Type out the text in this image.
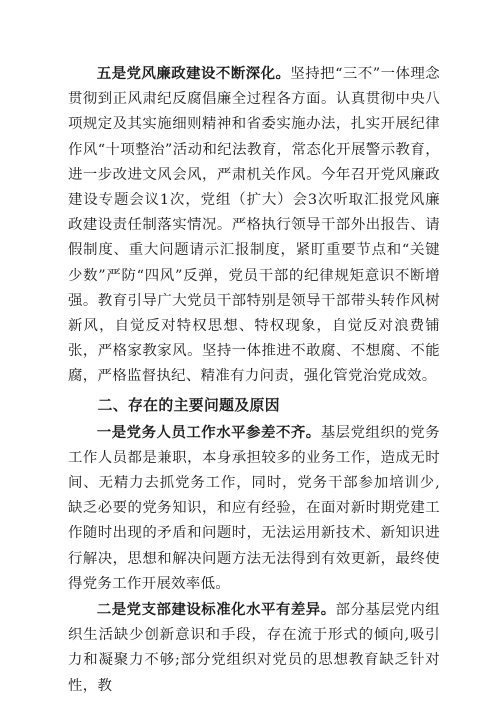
五是党风廉政建设不断深化。坚持把“三不”一体理念贯彻到正风肃纪反腐倡廉全过程各方面。认真贯彻中央八项规定及其实施细则精神和省委实施办法，扎实开展纪律作风“十项整治”活动和纪法教育，常态化开展警示教育，进一步改进文风会风，严肃机关作风。今年召开党风廉政建设专题会议1次，党组（扩大）会3次听取汇报党风廉政建设责任制落实情况。严格执行领导干部外出报告、请假制度、重大问题请示汇报制度，紧盯重要节点和“关键少数”严防“四风”反弹，党员干部的纪律规矩意识不断增强。教育引导广大党员干部特别是领导干部带头转作风树新风，自觉反对特权思想、特权现象，自觉反对浪费铺张，严格家教家风。坚持一体推进不敢腐、不想腐、不能腐，严格监督执纪、精准有力问责，强化管党治党成效。

二、存在的主要问题及原因

一是党务人员工作水平参差不齐。基层党组织的党务工作人员都是兼职，本身承担较多的业务工作，造成无时间、无精力去抓党务工作，同时，党务干部参加培训少,缺乏必要的党务知识，和应有经验，在面对新时期党建工作随时出现的矛盾和问题时，无法运用新技术、新知识进行解决，思想和解决问题方法无法得到有效更新，最终使得党务工作开展效率低。

二是党支部建设标准化水平有差异。部分基层党内组织生活缺少创新意识和手段，存在流于形式的倾向,吸引力和凝聚力不够;部分党组织对党员的思想教育缺乏针对性，教
